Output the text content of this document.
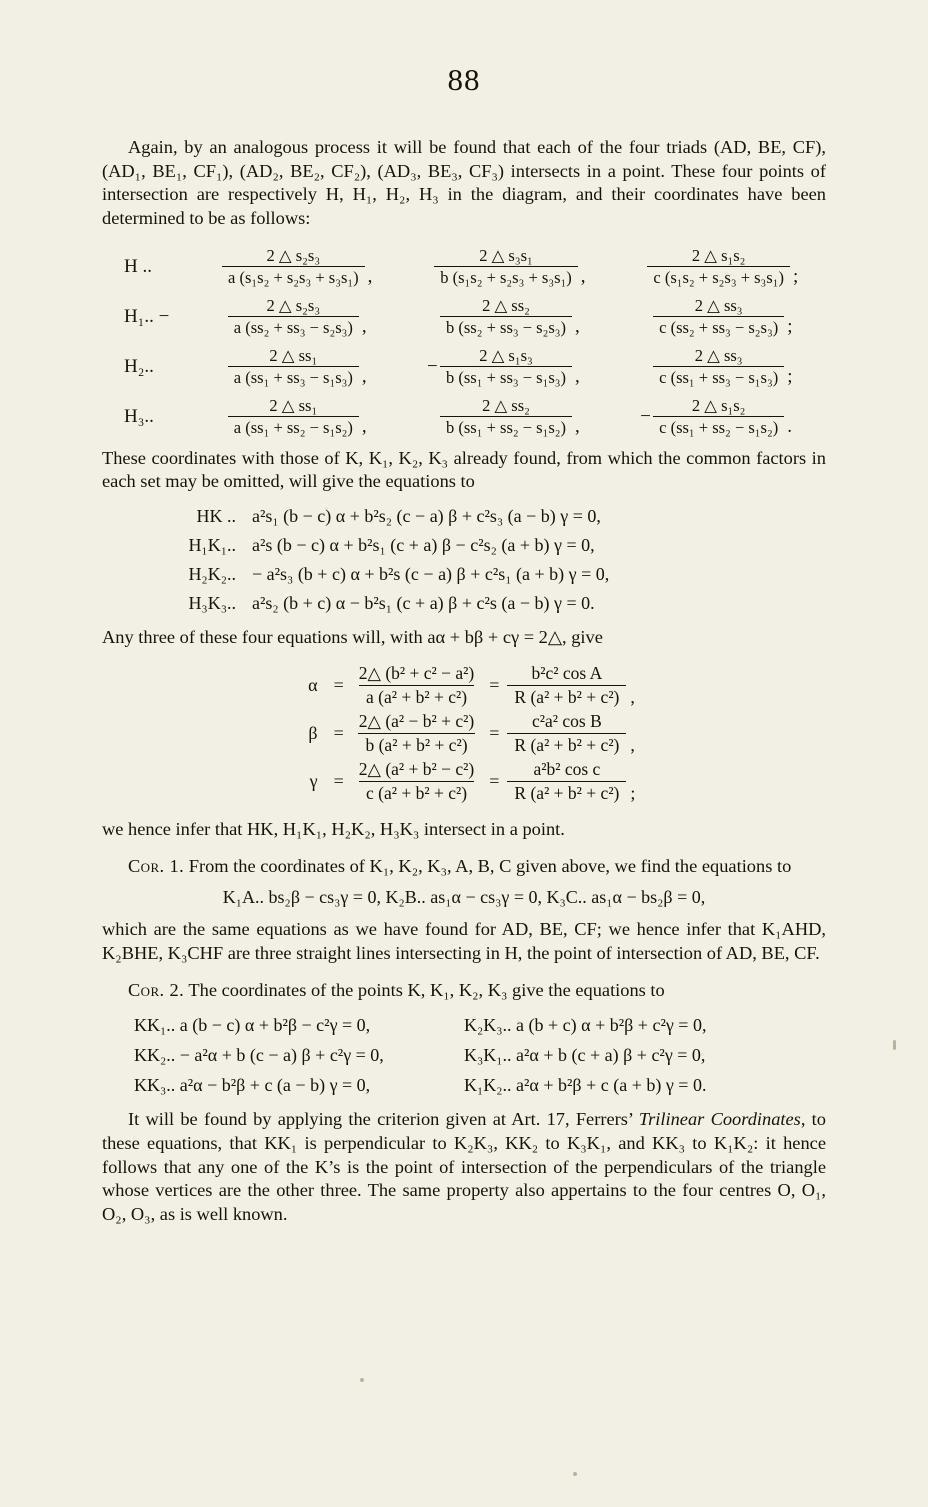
88

Again, by an analogous process it will be found that each of the four triads (AD, BE, CF), (AD₁, BE₁, CF₁), (AD₂, BE₂, CF₂), (AD₃, BE₃, CF₃) intersects in a point. These four points of intersection are respectively H, H₁, H₂, H₃ in the diagram, and their coordinates have been determined to be as follows:

H ..	$\frac{\text{2 △ s₂s₃}}{\text{a (s₁s₂ + s₂s₃ + s₃s₁)}}$ ,	$\frac{\text{2 △ s₃s₁}}{\text{b (s₁s₂ + s₂s₃ + s₃s₁)}}$ ,	$\frac{\text{2 △ s₁s₂}}{\text{c (s₁s₂ + s₂s₃ + s₃s₁)}}$ ;
H₁.. −	$\frac{\text{2 △ s₂s₃}}{\text{a (ss₂ + ss₃ − s₂s₃)}}$ ,	$\frac{\text{2 △ ss₂}}{\text{b (ss₂ + ss₃ − s₂s₃)}}$ ,	$\frac{\text{2 △ ss₃}}{\text{c (ss₂ + ss₃ − s₂s₃)}}$ ;
H₂..	$\frac{\text{2 △ ss₁}}{\text{a (ss₁ + ss₃ − s₁s₃)}}$ ,	− $\frac{\text{2 △ s₁s₃}}{\text{b (ss₁ + ss₃ − s₁s₃)}}$ ,	$\frac{\text{2 △ ss₃}}{\text{c (ss₁ + ss₃ − s₁s₃)}}$ ;
H₃..	$\frac{\text{2 △ ss₁}}{\text{a (ss₁ + ss₂ − s₁s₂)}}$ ,	$\frac{\text{2 △ ss₂}}{\text{b (ss₁ + ss₂ − s₁s₂)}}$ ,	− $\frac{\text{2 △ s₁s₂}}{\text{c (ss₁ + ss₂ − s₁s₂)}}$ .

These coordinates with those of K, K₁, K₂, K₃ already found, from which the common factors in each set may be omitted, will give the equations to

HK .. a²s₁ (b − c) α + b²s₂ (c − a) β + c²s₃ (a − b) γ = 0,
H₁K₁.. a²s (b − c) α + b²s₁ (c + a) β − c²s₂ (a + b) γ = 0,
H₂K₂.. − a²s₃ (b + c) α + b²s (c − a) β + c²s₁ (a + b) γ = 0,
H₃K₃.. a²s₂ (b + c) α − b²s₁ (c + a) β + c²s (a − b) γ = 0.

Any three of these four equations will, with aα + bβ + cγ = 2△, give

$\alpha = \frac{\text{2△ (b² + c² − a²)}}{\text{a (a² + b² + c²)}} = \frac{\text{b²c² cos A}}{\text{R (a² + b² + c²)}}$ ,
$\beta = \frac{\text{2△ (a² − b² + c²)}}{\text{b (a² + b² + c²)}} = \frac{\text{c²a² cos B}}{\text{R (a² + b² + c²)}}$ ,
$\gamma = \frac{\text{2△ (a² + b² − c²)}}{\text{c (a² + b² + c²)}} = \frac{\text{a²b² cos c}}{\text{R (a² + b² + c²)}}$ ;

we hence infer that HK, H₁K₁, H₂K₂, H₃K₃ intersect in a point.

Cor. 1. From the coordinates of K₁, K₂, K₃, A, B, C given above, we find the equations to

K₁A.. bs₂β − cs₃γ = 0, K₂B.. as₁α − cs₃γ = 0, K₃C.. as₁α − bs₂β = 0,

which are the same equations as we have found for AD, BE, CF; we hence infer that K₁AHD, K₂BHE, K₃CHF are three straight lines intersecting in H, the point of intersection of AD, BE, CF.

Cor. 2. The coordinates of the points K, K₁, K₂, K₃ give the equations to

KK₁.. a (b − c) α + b²β − c²γ = 0,	K₂K₃.. a (b + c) α + b²β + c²γ = 0,
KK₂.. − a²α + b (c − a) β + c²γ = 0,	K₃K₁.. a²α + b (c + a) β + c²γ = 0,
KK₃.. a²α − b²β + c (a − b) γ = 0,	K₁K₂.. a²α + b²β + c (a + b) γ = 0.

It will be found by applying the criterion given at Art. 17, Ferrers’ Trilinear Coordinates, to these equations, that KK₁ is perpendicular to K₂K₃, KK₂ to K₃K₁, and KK₃ to K₁K₂: it hence follows that any one of the K’s is the point of intersection of the perpendiculars of the triangle whose vertices are the other three. The same property also appertains to the four centres O, O₁, O₂, O₃, as is well known.
